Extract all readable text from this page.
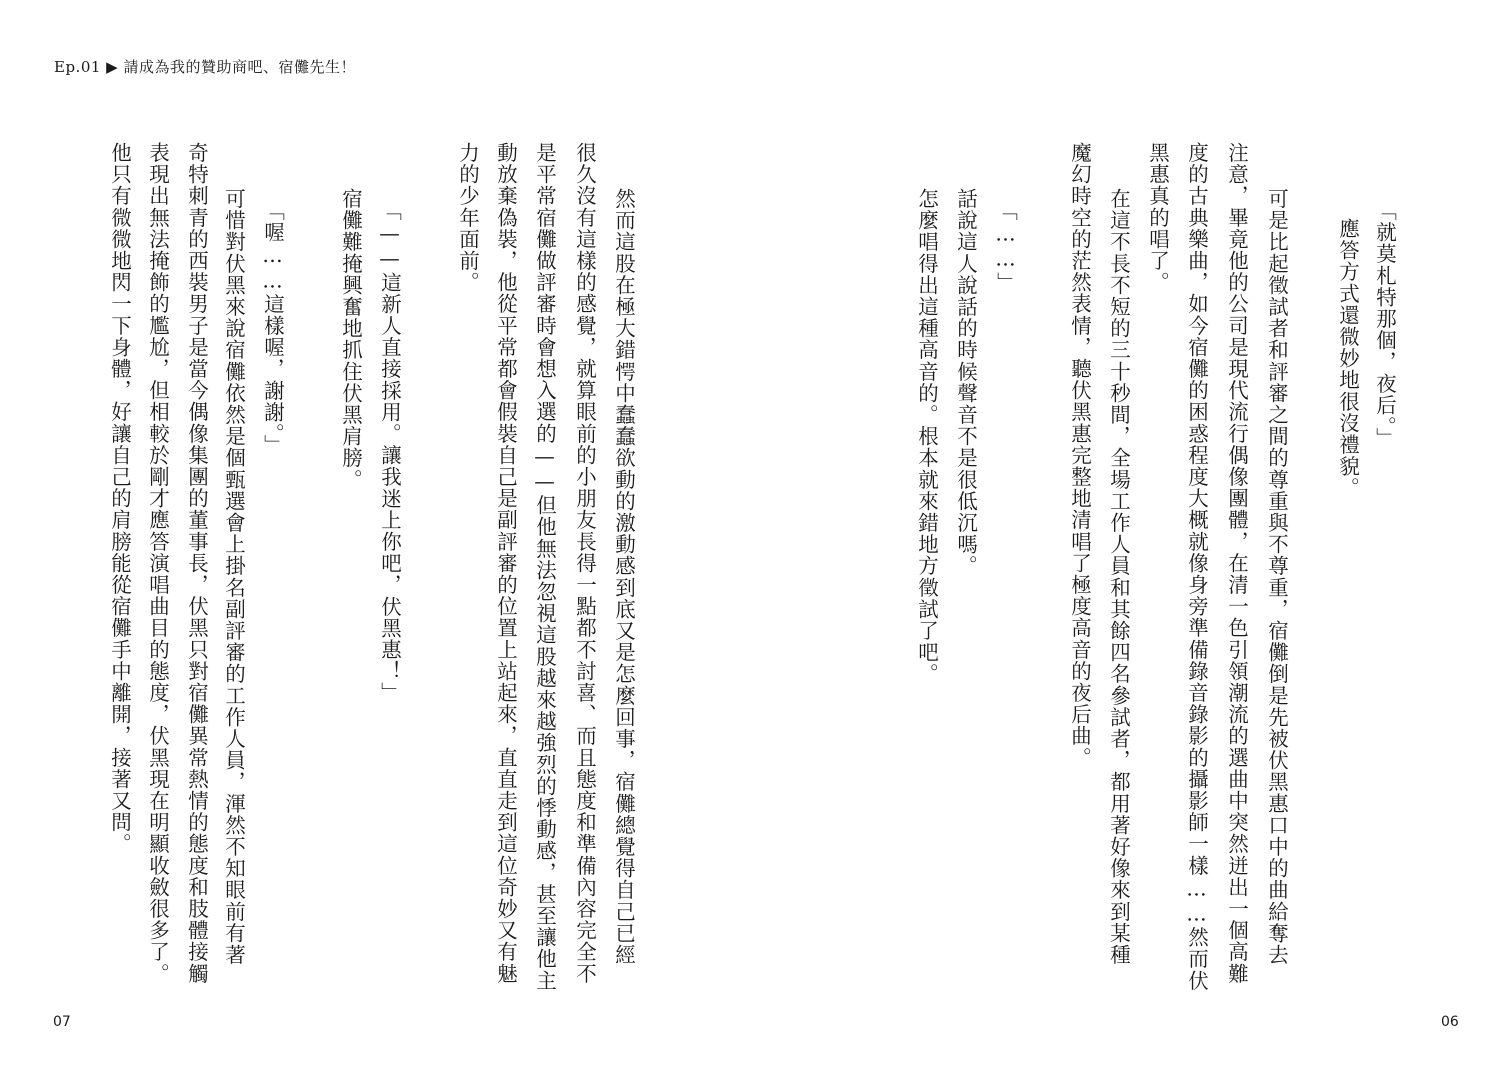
Ep.01 ▶ 請成為我的贊助商吧、宿儺先生！
「就莫札特那個，夜后。」
應答方式還微妙地很沒禮貌。
可是比起徵試者和評審之間的尊重與不尊重，宿儺倒是先被伏黑惠口中的曲給奪去
注意，畢竟他的公司是現代流行偶像團體，在清一色引領潮流的選曲中突然迸出一個高難
度的古典樂曲，如今宿儺的困惑程度大概就像身旁準備錄音錄影的攝影師一樣……然而伏
黑惠真的唱了。
在這不長不短的三十秒間，全場工作人員和其餘四名參試者，都用著好像來到某種
魔幻時空的茫然表情，聽伏黑惠完整地清唱了極度高音的夜后曲。
「……」
話說這人說話的時候聲音不是很低沉嗎。
怎麼唱得出這種高音的。根本就來錯地方徵試了吧。
然而這股在極大錯愕中蠢蠢欲動的激動感到底又是怎麼回事，宿儺總覺得自己已經
很久沒有這樣的感覺，就算眼前的小朋友長得一點都不討喜、而且態度和準備內容完全不
是平常宿儺做評審時會想入選的——但他無法忽視這股越來越強烈的悸動感，甚至讓他主
動放棄偽裝，他從平常都會假裝自己是副評審的位置上站起來，直直走到這位奇妙又有魅
力的少年面前。
「——這新人直接採用。讓我迷上你吧，伏黑惠！」
宿儺難掩興奮地抓住伏黑肩膀。
「喔……這樣喔，謝謝。」
可惜對伏黑來說宿儺依然是個甄選會上掛名副評審的工作人員，渾然不知眼前有著
奇特刺青的西裝男子是當今偶像集團的董事長，伏黑只對宿儺異常熱情的態度和肢體接觸
表現出無法掩飾的尷尬，但相較於剛才應答演唱曲目的態度，伏黑現在明顯收斂很多了。
他只有微微地閃一下身體，好讓自己的肩膀能從宿儺手中離開，接著又問。
07	06
